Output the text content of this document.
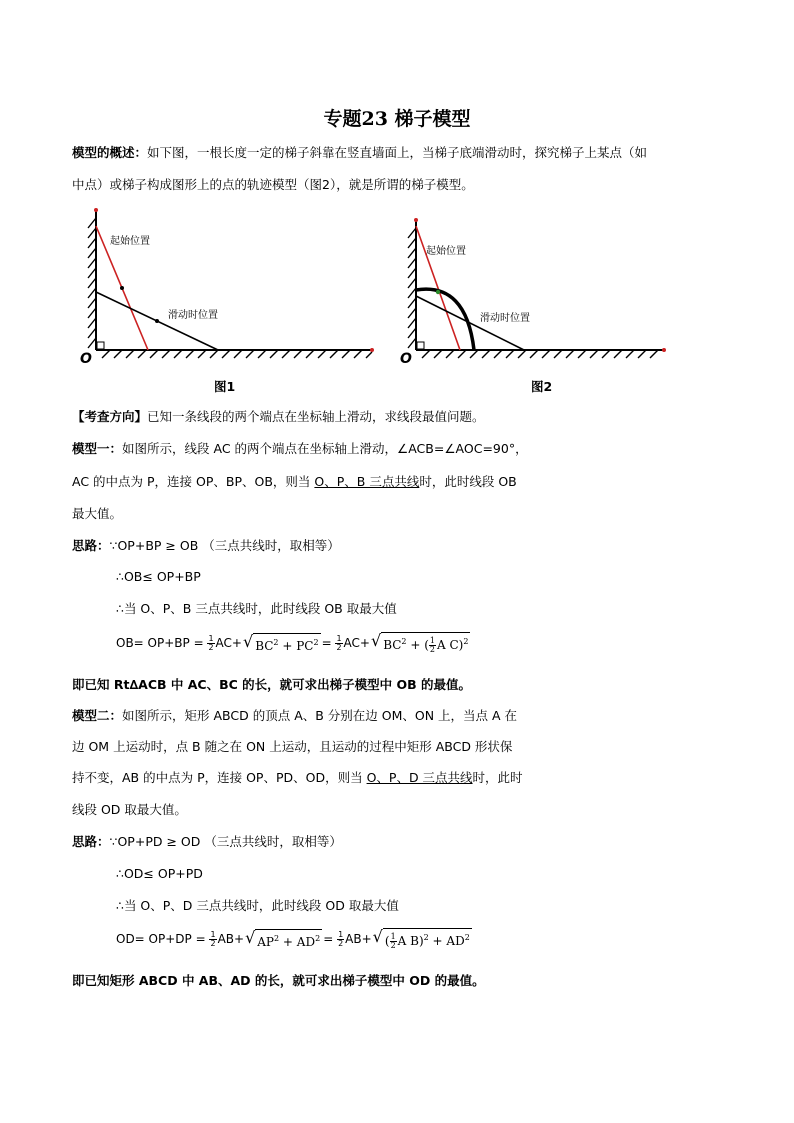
专题23 梯子模型
模型的概述：如下图，一根长度一定的梯子斜靠在竖直墙面上，当梯子底端滑动时，探究梯子上某点（如
中点）或梯子构成图形上的点的轨迹模型（图2），就是所谓的梯子模型。
起始位置
滑动时位置
O
图1
起始位置
滑动时位置
O
图2
【考查方向】已知一条线段的两个端点在坐标轴上滑动，求线段最值问题。
模型一：如图所示，线段 AC 的两个端点在坐标轴上滑动，∠ACB=∠AOC=90°，
AC 的中点为 P，连接 OP、BP、OB，则当 O、P、B 三点共线时，此时线段 OB
最大值。
思路：∵OP+BP ≥ OB （三点共线时，取相等）
∴OB≤ OP+BP
∴当 O、P、B 三点共线时，此时线段 OB 取最大值
OB= OP+BP =
$\frac{1}{2} AC+$ √ $BC^2 + PC^2$ =
$\frac{1}{2} AC+$ √ $BC^2$ + ( $\frac{1}{2}$ A C)$^2$
即已知 Rt∆ACB 中 AC、BC 的长，就可求出梯子模型中 OB 的最值。
模型二：如图所示，矩形 ABCD 的顶点 A、B 分别在边 OM、ON 上，当点 A 在
边 OM 上运动时，点 B 随之在 ON 上运动，且运动的过程中矩形 ABCD 形状保
持不变，AB 的中点为 P，连接 OP、PD、OD，则当 O、P、D 三点共线时，此时
线段 OD 取最大值。
思路：∵OP+PD ≥ OD （三点共线时，取相等）
∴OD≤ OP+PD
∴当 O、P、D 三点共线时，此时线段 OD 取最大值
OD= OP+DP =
$\frac{1}{2} AB+$ √ $AP^2 + AD^2$ =
$\frac{1}{2} AB+$ √ ( $\frac{1}{2}$ A $B)^2 + AD^2$
即已知矩形 ABCD 中 AB、AD 的长，就可求出梯子模型中 OD 的最值。
